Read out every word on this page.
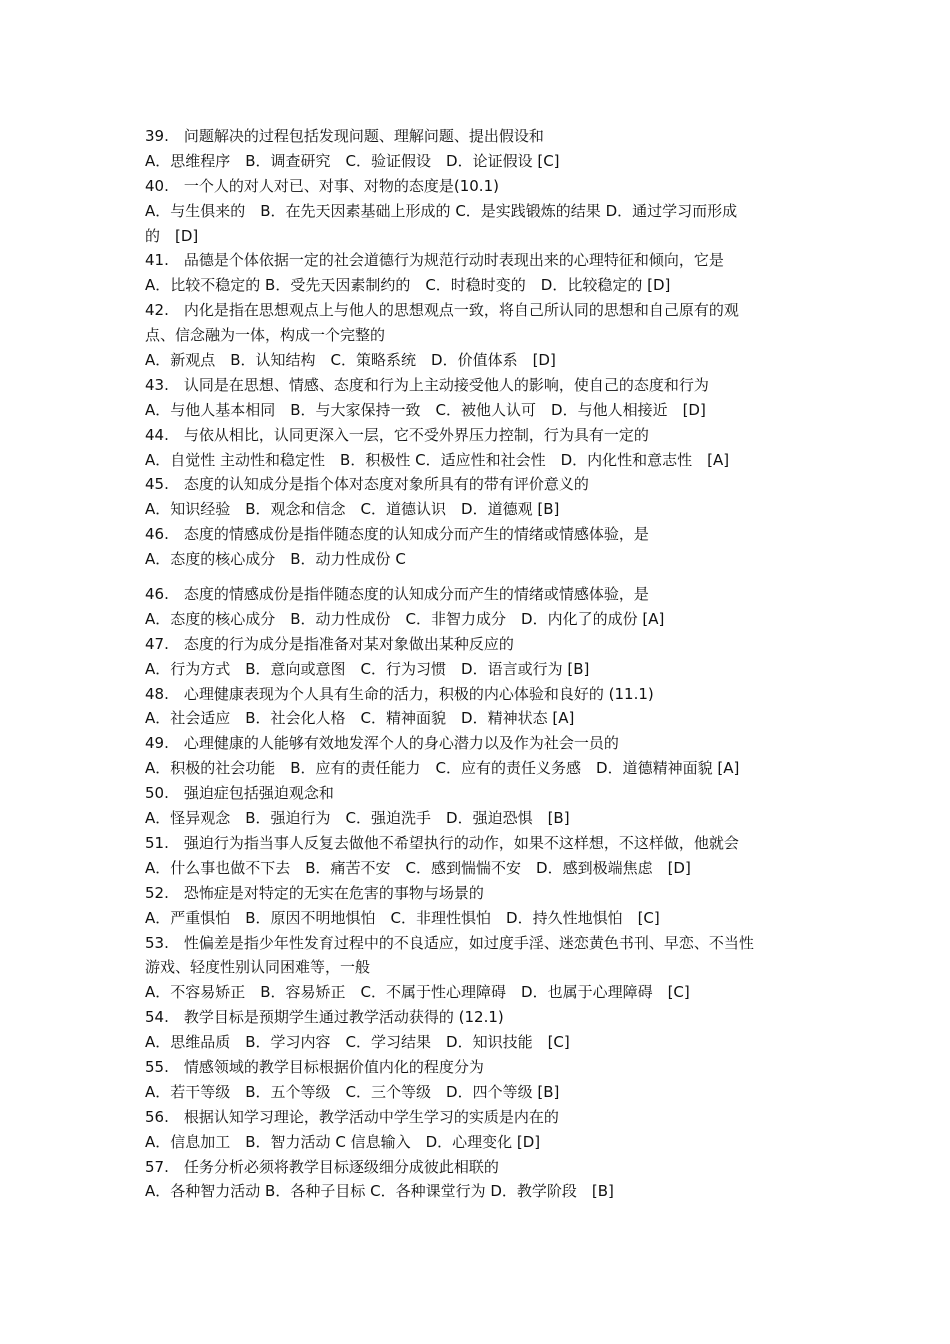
39.　问题解决的过程包括发现问题、理解问题、提出假设和
A．思维程序　B．调查研究　C．验证假设　D．论证假设 [C]
40.　一个人的对人对已、对事、对物的态度是(10.1)
A．与生俱来的　B．在先天因素基础上形成的 C．是实践锻炼的结果 D．通过学习而形成
的　[D]
41.　品德是个体依据一定的社会道德行为规范行动时表现出来的心理特征和倾向，它是
A．比较不稳定的 B．受先天因素制约的　C．时稳时变的　D．比较稳定的 [D]
42.　内化是指在思想观点上与他人的思想观点一致，将自己所认同的思想和自己原有的观
点、信念融为一体，构成一个完整的
A．新观点　B．认知结构　C．策略系统　D．价值体系　[D]
43.　认同是在思想、情感、态度和行为上主动接受他人的影响，使自己的态度和行为
A．与他人基本相同　B．与大家保持一致　C．被他人认可　D．与他人相接近　[D]
44.　与依从相比，认同更深入一层，它不受外界压力控制，行为具有一定的
A．自觉性 主动性和稳定性　B．积极性 C．适应性和社会性　D．内化性和意志性　[A]
45.　态度的认知成分是指个体对态度对象所具有的带有评价意义的
A．知识经验　B．观念和信念　C．道德认识　D．道德观 [B]
46.　态度的情感成份是指伴随态度的认知成分而产生的情绪或情感体验，是
A．态度的核心成分　B．动力性成份 C
46.　态度的情感成份是指伴随态度的认知成分而产生的情绪或情感体验，是
A．态度的核心成分　B．动力性成份　C．非智力成分　D．内化了的成份 [A]
47.　态度的行为成分是指准备对某对象做出某种反应的
A．行为方式　B．意向或意图　C．行为习惯　D．语言或行为 [B]
48.　心理健康表现为个人具有生命的活力，积极的内心体验和良好的 (11.1)
A．社会适应　B．社会化人格　C．精神面貌　D．精神状态 [A]
49.　心理健康的人能够有效地发浑个人的身心潜力以及作为社会一员的
A．积极的社会功能　B．应有的责任能力　C．应有的责任义务感　D．道德精神面貌 [A]
50.　强迫症包括强迫观念和
A．怪异观念　B．强迫行为　C．强迫洗手　D．强迫恐惧　[B]
51.　强迫行为指当事人反复去做他不希望执行的动作，如果不这样想，不这样做，他就会
A．什么事也做不下去　B．痛苦不安　C．感到惴惴不安　D．感到极端焦虑　[D]
52.　恐怖症是对特定的无实在危害的事物与场景的
A．严重惧怕　B．原因不明地惧怕　C．非理性惧怕　D．持久性地惧怕　[C]
53.　性偏差是指少年性发育过程中的不良适应，如过度手淫、迷恋黄色书刊、早恋、不当性
游戏、轻度性别认同困难等，一般
A．不容易矫正　B．容易矫正　C．不属于性心理障碍　D．也属于心理障碍　[C]
54.　教学目标是预期学生通过教学活动获得的 (12.1)
A．思维品质　B．学习内容　C．学习结果　D．知识技能　[C]
55.　情感领域的教学目标根据价值内化的程度分为
A．若干等级　B．五个等级　C．三个等级　D．四个等级 [B]
56.　根据认知学习理论，教学活动中学生学习的实质是内在的
A．信息加工　B．智力活动 C 信息输入　D．心理变化 [D]
57.　任务分析必须将教学目标逐级细分成彼此相联的
A．各种智力活动 B．各种子目标 C．各种课堂行为 D．教学阶段　[B]
